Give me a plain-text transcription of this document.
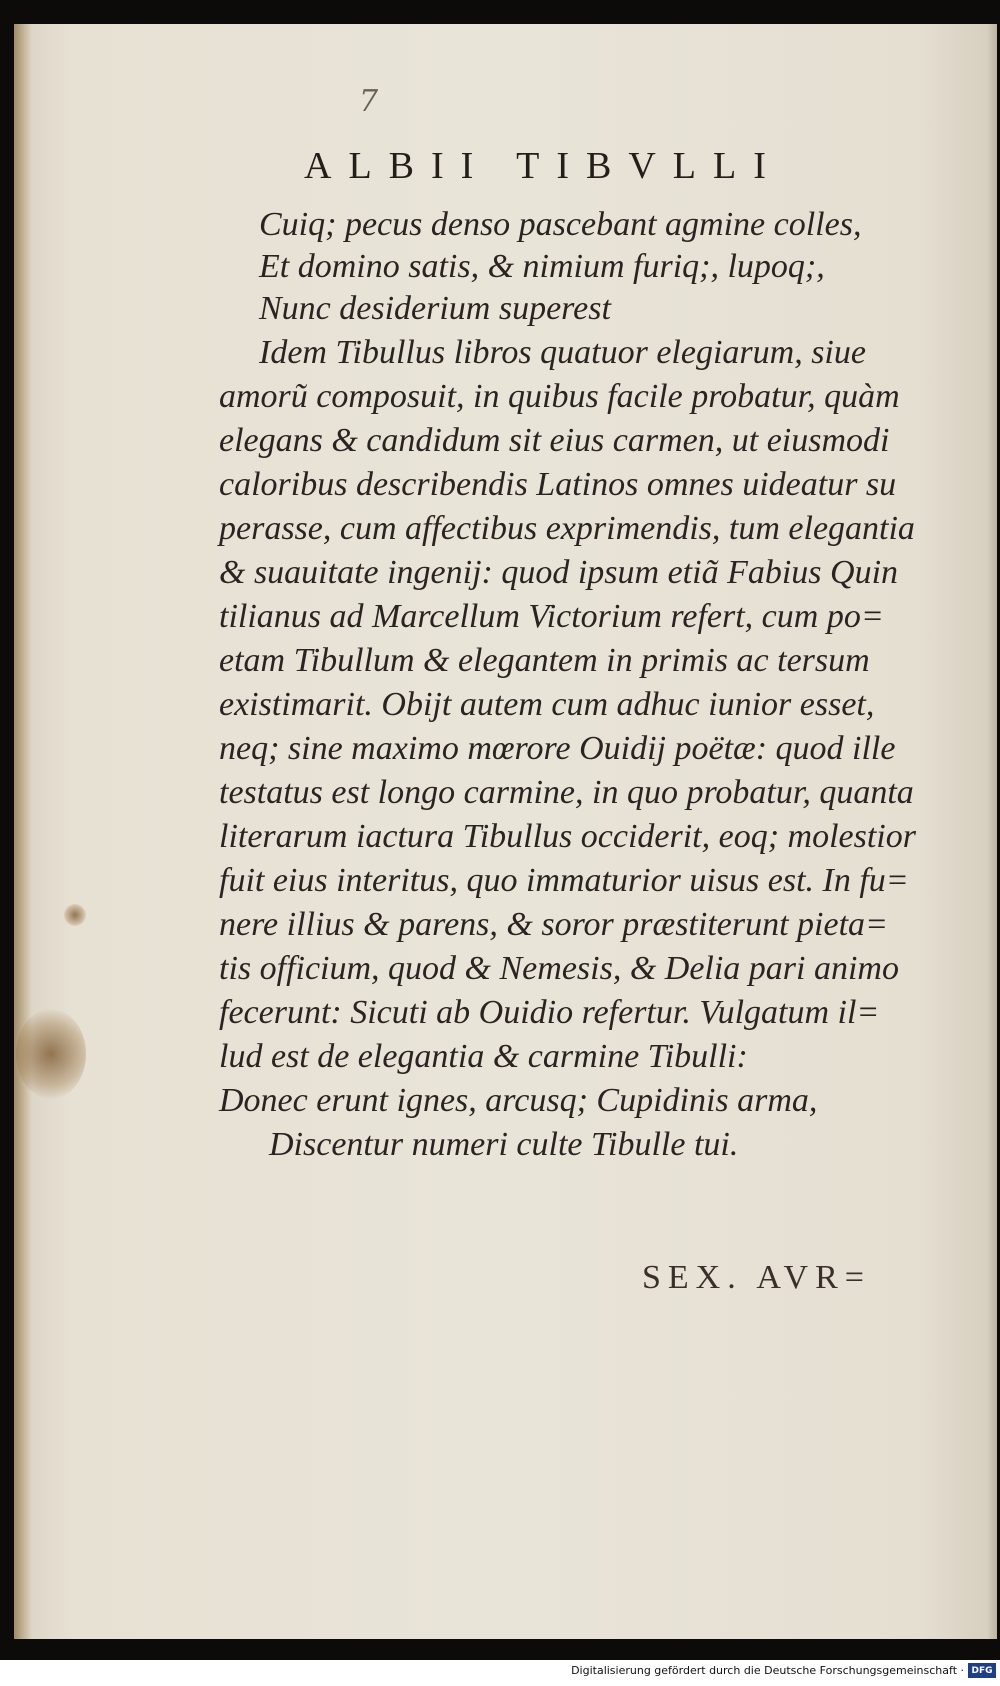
7
ALBII TIBVLLI
Cuiq; pecus denso pascebant agmine colles,
Et domino satis, & nimium furiq;, lupoq;,
Nunc desiderium superest
Idem Tibullus libros quatuor elegiarum, siue
amorũ composuit, in quibus facile probatur, quàm
elegans & candidum sit eius carmen, ut eiusmodi
caloribus describendis Latinos omnes uideatur su
perasse, cum affectibus exprimendis, tum elegantia
& suauitate ingenij: quod ipsum etiã Fabius Quin
tilianus ad Marcellum Victorium refert, cum po=
etam Tibullum & elegantem in primis ac tersum
existimarit. Obijt autem cum adhuc iunior esset,
neq; sine maximo mœrore Ouidij poëtæ: quod ille
testatus est longo carmine, in quo probatur, quanta
literarum iactura Tibullus occiderit, eoq; molestior
fuit eius interitus, quo immaturior uisus est. In fu=
nere illius & parens, & soror præstiterunt pieta=
tis officium, quod & Nemesis, & Delia pari animo
fecerunt: Sicuti ab Ouidio refertur. Vulgatum il=
lud est de elegantia & carmine Tibulli:
Donec erunt ignes, arcusq; Cupidinis arma,
Discentur numeri culte Tibulle tui.
SEX. AVR=
Digitalisierung gefördert durch die Deutsche Forschungsgemeinschaft · DFG
